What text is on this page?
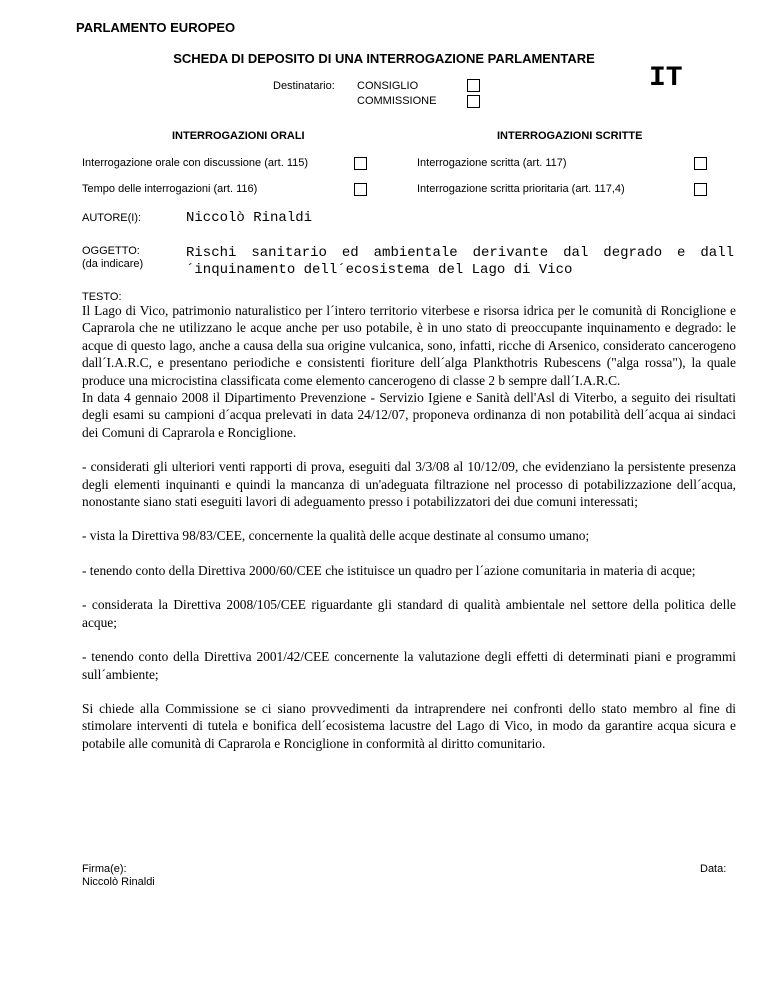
PARLAMENTO EUROPEO
SCHEDA DI DEPOSITO DI UNA INTERROGAZIONE PARLAMENTARE
Destinatario: CONSIGLIO
COMMISSIONE
IT
INTERROGAZIONI ORALI	INTERROGAZIONI SCRITTE
Interrogazione orale con discussione (art. 115)	Interrogazione scritta (art. 117)
Tempo delle interrogazioni (art. 116)	Interrogazione scritta prioritaria (art. 117,4)
AUTORE(I):	Niccolò Rinaldi
OGGETTO:
(da indicare)
Rischi sanitario ed ambientale derivante dal degrado e dall´inquinamento dell´ecosistema del Lago di Vico
TESTO:

Il Lago di Vico, patrimonio naturalistico per l´intero territorio viterbese e risorsa idrica per le comunità di Ronciglione e Caprarola che ne utilizzano le acque anche per uso potabile, è in uno stato di preoccupante inquinamento e degrado: le acque di questo lago, anche a causa della sua origine vulcanica, sono, infatti, ricche di Arsenico, considerato cancerogeno dall´I.A.R.C, e presentano periodiche e consistenti fioriture dell´alga Plankthotris Rubescens ("alga rossa"), la quale produce una microcistina classificata come elemento cancerogeno di classe 2 b sempre dall´I.A.R.C.
In data 4 gennaio 2008 il Dipartimento Prevenzione - Servizio Igiene e Sanità dell'Asl di Viterbo, a seguito dei risultati degli esami su campioni d´acqua prelevati in data 24/12/07, proponeva ordinanza di non potabilità dell´acqua ai sindaci dei Comuni di Caprarola e Ronciglione.

- considerati gli ulteriori venti rapporti di prova, eseguiti dal 3/3/08 al 10/12/09, che evidenziano la persistente presenza degli elementi inquinanti e quindi la mancanza di un'adeguata filtrazione nel processo di potabilizzazione dell´acqua, nonostante siano stati eseguiti lavori di adeguamento presso i potabilizzatori dei due comuni interessati;

- vista la Direttiva 98/83/CEE, concernente la qualità delle acque destinate al consumo umano;

- tenendo conto della Direttiva 2000/60/CEE che istituisce un quadro per l´azione comunitaria in materia di acque;

- considerata la Direttiva 2008/105/CEE riguardante gli standard di qualità ambientale nel settore della politica delle acque;

- tenendo conto della Direttiva 2001/42/CEE concernente la valutazione degli effetti di determinati piani e programmi sull´ambiente;

Si chiede alla Commissione se ci siano provvedimenti da intraprendere nei confronti dello stato membro al fine di stimolare interventi di tutela e bonifica dell´ecosistema lacustre del Lago di Vico, in modo da garantire acqua sicura e potabile alle comunità di Caprarola e Ronciglione in conformità al diritto comunitario.

Firma(e):
Niccolò Rinaldi
Data:
